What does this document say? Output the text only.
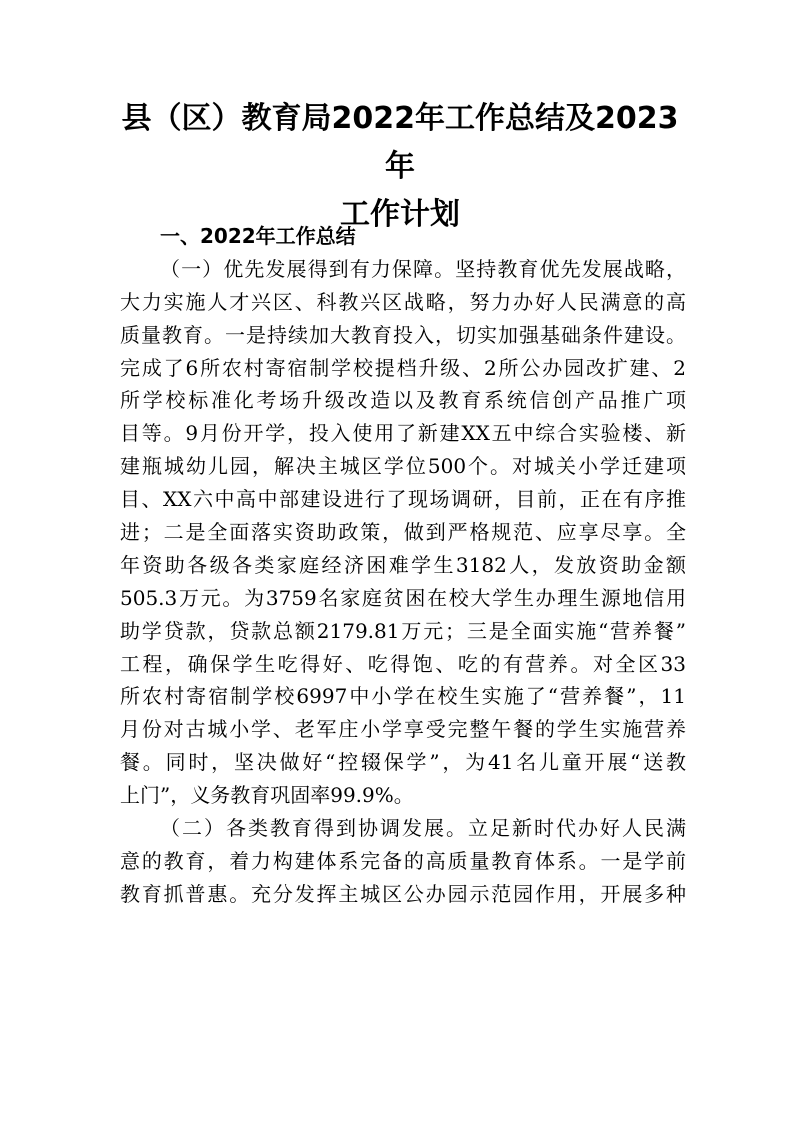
县（区）教育局2022年工作总结及2023年
工作计划
一、2022年工作总结
（一）优先发展得到有力保障。坚持教育优先发展战略，
大力实施人才兴区、科教兴区战略，努力办好人民满意的高
质量教育。一是持续加大教育投入，切实加强基础条件建设。
完成了6所农村寄宿制学校提档升级、2所公办园改扩建、2
所学校标准化考场升级改造以及教育系统信创产品推广项
目等。9月份开学，投入使用了新建XX五中综合实验楼、新
建瓶城幼儿园，解决主城区学位500个。对城关小学迁建项
目、XX六中高中部建设进行了现场调研，目前，正在有序推
进；二是全面落实资助政策，做到严格规范、应享尽享。全
年资助各级各类家庭经济困难学生3182人，发放资助金额
505.3万元。为3759名家庭贫困在校大学生办理生源地信用
助学贷款，贷款总额2179.81万元；三是全面实施“营养餐”
工程，确保学生吃得好、吃得饱、吃的有营养。对全区33
所农村寄宿制学校6997中小学在校生实施了“营养餐”，11
月份对古城小学、老军庄小学享受完整午餐的学生实施营养
餐。同时，坚决做好“控辍保学”，为41名儿童开展“送教
上门”，义务教育巩固率99.9%。
（二）各类教育得到协调发展。立足新时代办好人民满
意的教育，着力构建体系完备的高质量教育体系。一是学前
教育抓普惠。充分发挥主城区公办园示范园作用，开展多种
